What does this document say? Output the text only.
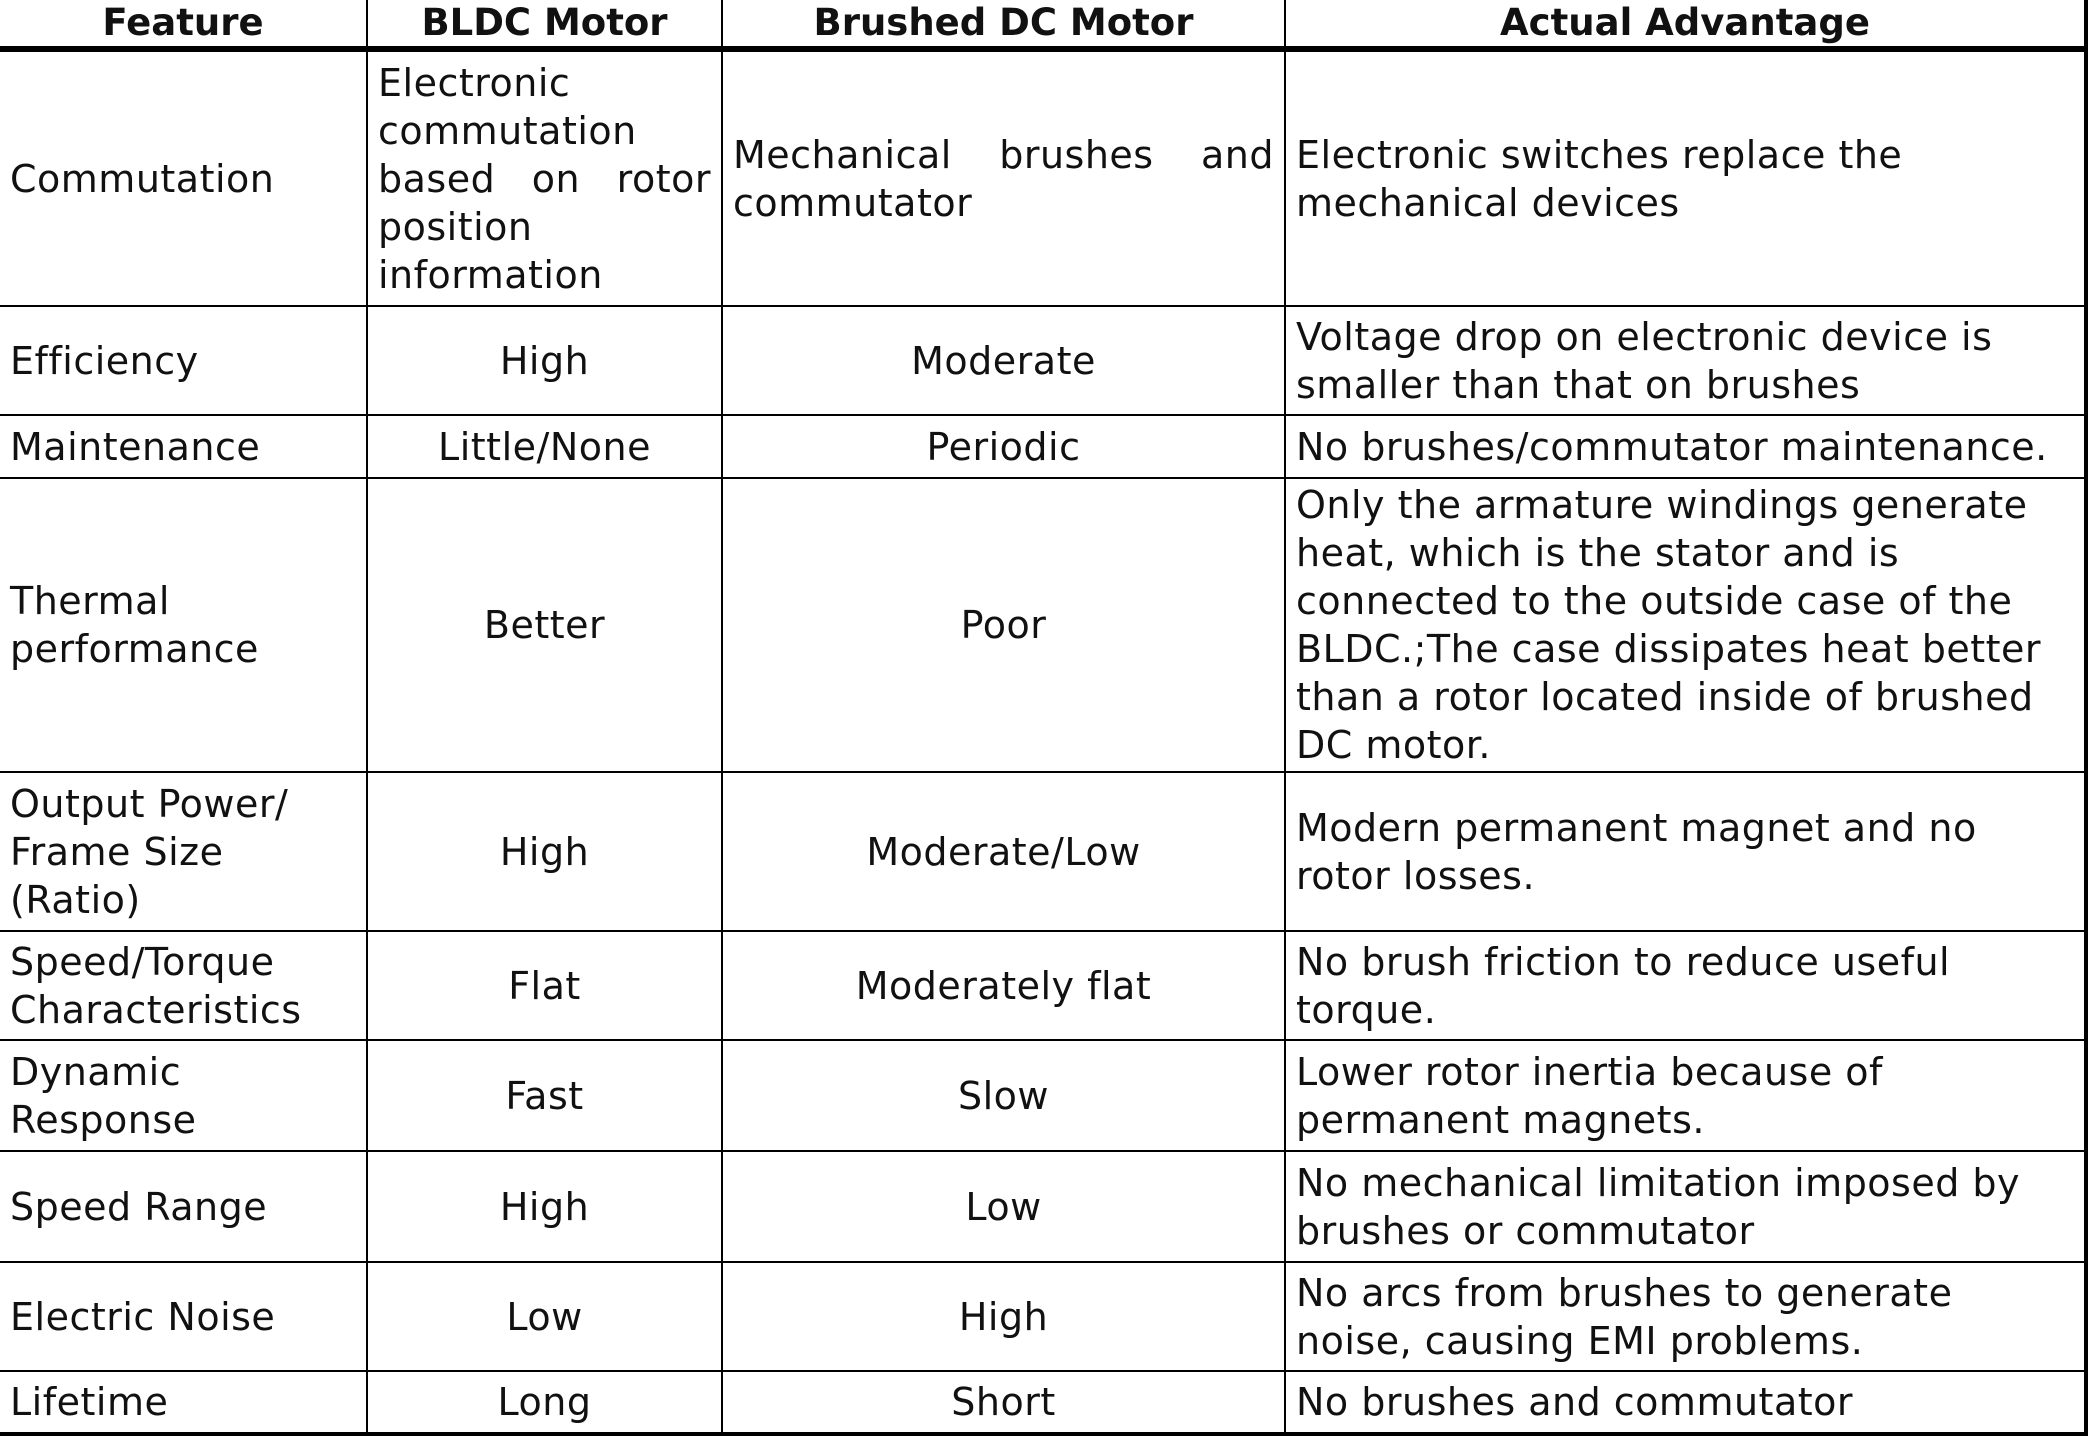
Feature	BLDC Motor	Brushed DC Motor	Actual Advantage
Commutation	Electronic commutation based on rotor position information	Mechanical brushes and commutator	Electronic switches replace the mechanical devices
Efficiency	High	Moderate	Voltage drop on electronic device is smaller than that on brushes
Maintenance	Little/None	Periodic	No brushes/commutator maintenance.
Thermal performance	Better	Poor	Only the armature windings generate heat, which is the stator and is connected to the outside case of the BLDC.;The case dissipates heat better than a rotor located inside of brushed DC motor.
Output Power/ Frame Size (Ratio)	High	Moderate/Low	Modern permanent magnet and no rotor losses.
Speed/Torque Characteristics	Flat	Moderately flat	No brush friction to reduce useful torque.
Dynamic Response	Fast	Slow	Lower rotor inertia because of permanent magnets.
Speed Range	High	Low	No mechanical limitation imposed by brushes or commutator
Electric Noise	Low	High	No arcs from brushes to generate noise, causing EMI problems.
Lifetime	Long	Short	No brushes and commutator
